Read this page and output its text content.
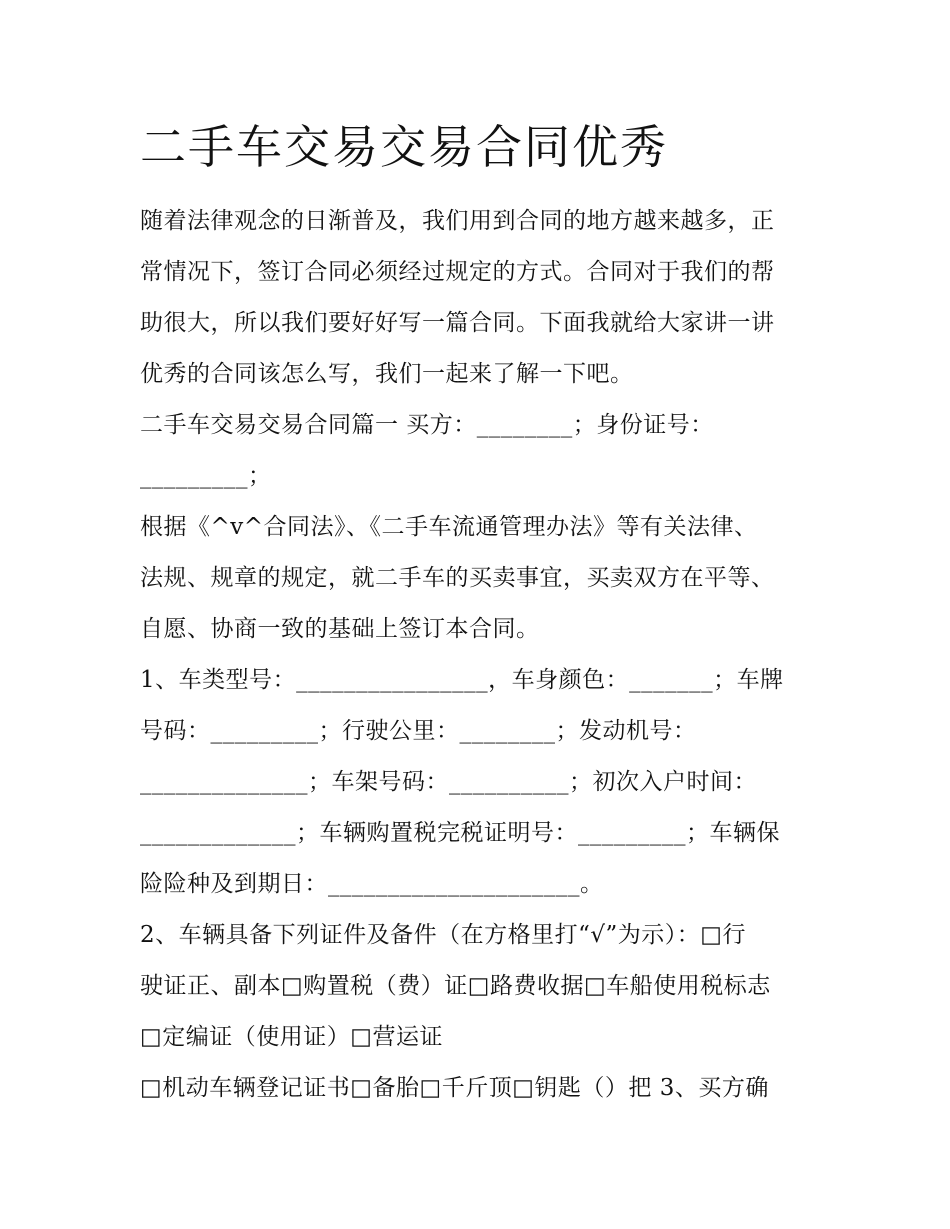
二手车交易交易合同优秀
随着法律观念的日渐普及，我们用到合同的地方越来越多，正
常情况下，签订合同必须经过规定的方式。合同对于我们的帮
助很大，所以我们要好好写一篇合同。下面我就给大家讲一讲
优秀的合同该怎么写，我们一起来了解一下吧。
二手车交易交易合同篇一 买方：________；身份证号：
_________；
根据《^v^合同法》、《二手车流通管理办法》等有关法律、
法规、规章的规定，就二手车的买卖事宜，买卖双方在平等、
自愿、协商一致的基础上签订本合同。
1、车类型号：________________，车身颜色：_______；车牌
号码：_________；行驶公里：________；发动机号：
______________；车架号码：__________；初次入户时间：
_____________；车辆购置税完税证明号：_________；车辆保
险险种及到期日：_____________________。
2、车辆具备下列证件及备件（在方格里打“√”为示）：□行
驶证正、副本□购置税（费）证□路费收据□车船使用税标志
□定编证（使用证）□营运证
□机动车辆登记证书□备胎□千斤顶□钥匙（）把 3、买方确
